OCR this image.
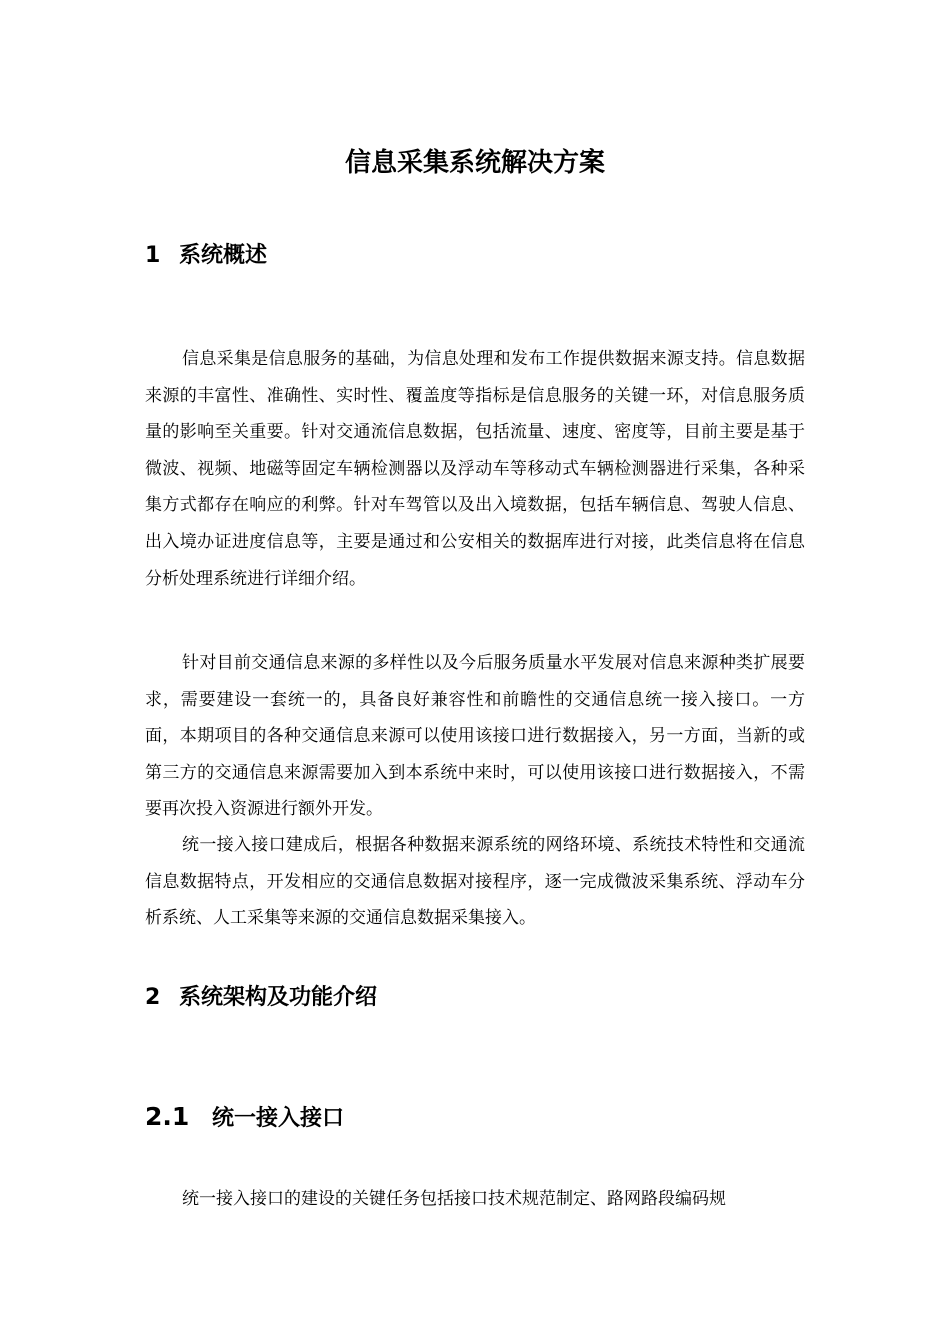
信息采集系统解决方案
1 系统概述

信息采集是信息服务的基础，为信息处理和发布工作提供数据来源支持。信息数据来源的丰富性、准确性、实时性、覆盖度等指标是信息服务的关键一环，对信息服务质量的影响至关重要。针对交通流信息数据，包括流量、速度、密度等，目前主要是基于微波、视频、地磁等固定车辆检测器以及浮动车等移动式车辆检测器进行采集，各种采集方式都存在响应的利弊。针对车驾管以及出入境数据，包括车辆信息、驾驶人信息、出入境办证进度信息等，主要是通过和公安相关的数据库进行对接，此类信息将在信息分析处理系统进行详细介绍。

针对目前交通信息来源的多样性以及今后服务质量水平发展对信息来源种类扩展要求，需要建设一套统一的，具备良好兼容性和前瞻性的交通信息统一接入接口。一方面，本期项目的各种交通信息来源可以使用该接口进行数据接入，另一方面，当新的或第三方的交通信息来源需要加入到本系统中来时，可以使用该接口进行数据接入，不需要再次投入资源进行额外开发。

统一接入接口建成后，根据各种数据来源系统的网络环境、系统技术特性和交通流信息数据特点，开发相应的交通信息数据对接程序，逐一完成微波采集系统、浮动车分析系统、人工采集等来源的交通信息数据采集接入。

2 系统架构及功能介绍
2.1 统一接入接口

统一接入接口的建设的关键任务包括接口技术规范制定、路网路段编码规
